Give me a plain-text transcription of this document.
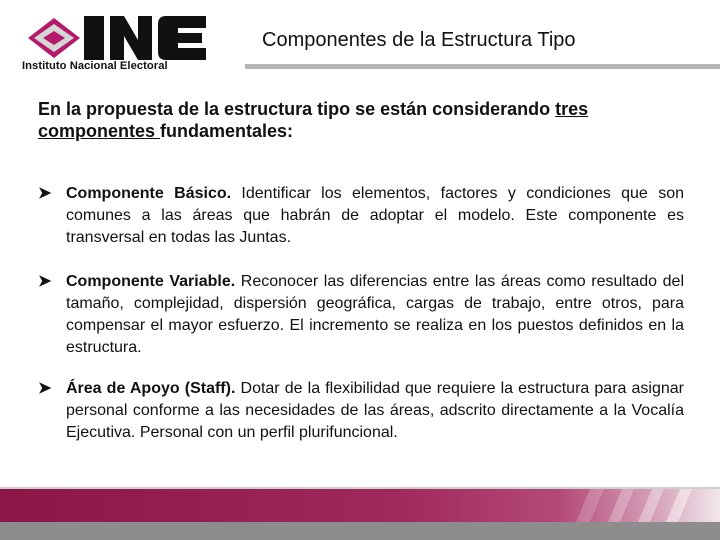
Instituto Nacional Electoral
Componentes de la Estructura Tipo
En la propuesta de la estructura tipo se están considerando tres componentes fundamentales:
➤ Componente Básico. Identificar los elementos, factores y condiciones que son comunes a las áreas que habrán de adoptar el modelo. Este componente es transversal en todas las Juntas.
➤ Componente Variable. Reconocer las diferencias entre las áreas como resultado del tamaño, complejidad, dispersión geográfica, cargas de trabajo, entre otros, para compensar el mayor esfuerzo. El incremento se realiza en los puestos definidos en la estructura.
➤ Área de Apoyo (Staff). Dotar de la flexibilidad que requiere la estructura para asignar personal conforme a las necesidades de las áreas, adscrito directamente a la Vocalía Ejecutiva. Personal con un perfil plurifuncional.
